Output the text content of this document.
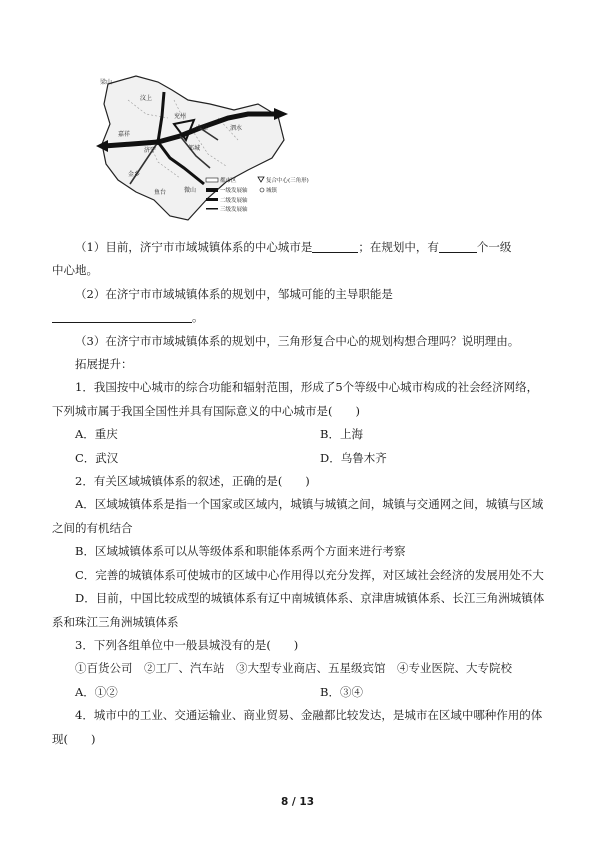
梁山
汶上
嘉祥
济宁
兖州
曲阜
邹城
泗水
微山
金乡
鱼台
都市区	复合中心(三角形)
一级发展轴
二级发展轴
三级发展轴
城镇

（1）目前，济宁市市域城镇体系的中心城市是	；在规划中，有	个一级

中心地。

（2）在济宁市市域城镇体系的规划中，邹城可能的主导职能是

。

（3）在济宁市市域城镇体系的规划中，三角形复合中心的规划构想合理吗？说明理由。

拓展提升：

1．我国按中心城市的综合功能和辐射范围，形成了5个等级中心城市构成的社会经济网络，下列城市属于我国全国性并具有国际意义的中心城市是(　　)

A．重庆	B．上海
C．武汉	D．乌鲁木齐

2．有关区域城镇体系的叙述，正确的是(　　)

A．区域城镇体系是指一个国家或区域内，城镇与城镇之间，城镇与交通网之间，城镇与区域之间的有机结合

B．区域城镇体系可以从等级体系和职能体系两个方面来进行考察

C．完善的城镇体系可使城市的区域中心作用得以充分发挥，对区域社会经济的发展用处不大

D．目前，中国比较成型的城镇体系有辽中南城镇体系、京津唐城镇体系、长江三角洲城镇体系和珠江三角洲城镇体系

3．下列各组单位中一般县城没有的是(　　)

①百货公司　②工厂、汽车站　③大型专业商店、五星级宾馆　④专业医院、大专院校

A．①②	B．③④

4．城市中的工业、交通运输业、商业贸易、金融都比较发达，是城市在区域中哪种作用的体现(　　)

8 / 13
